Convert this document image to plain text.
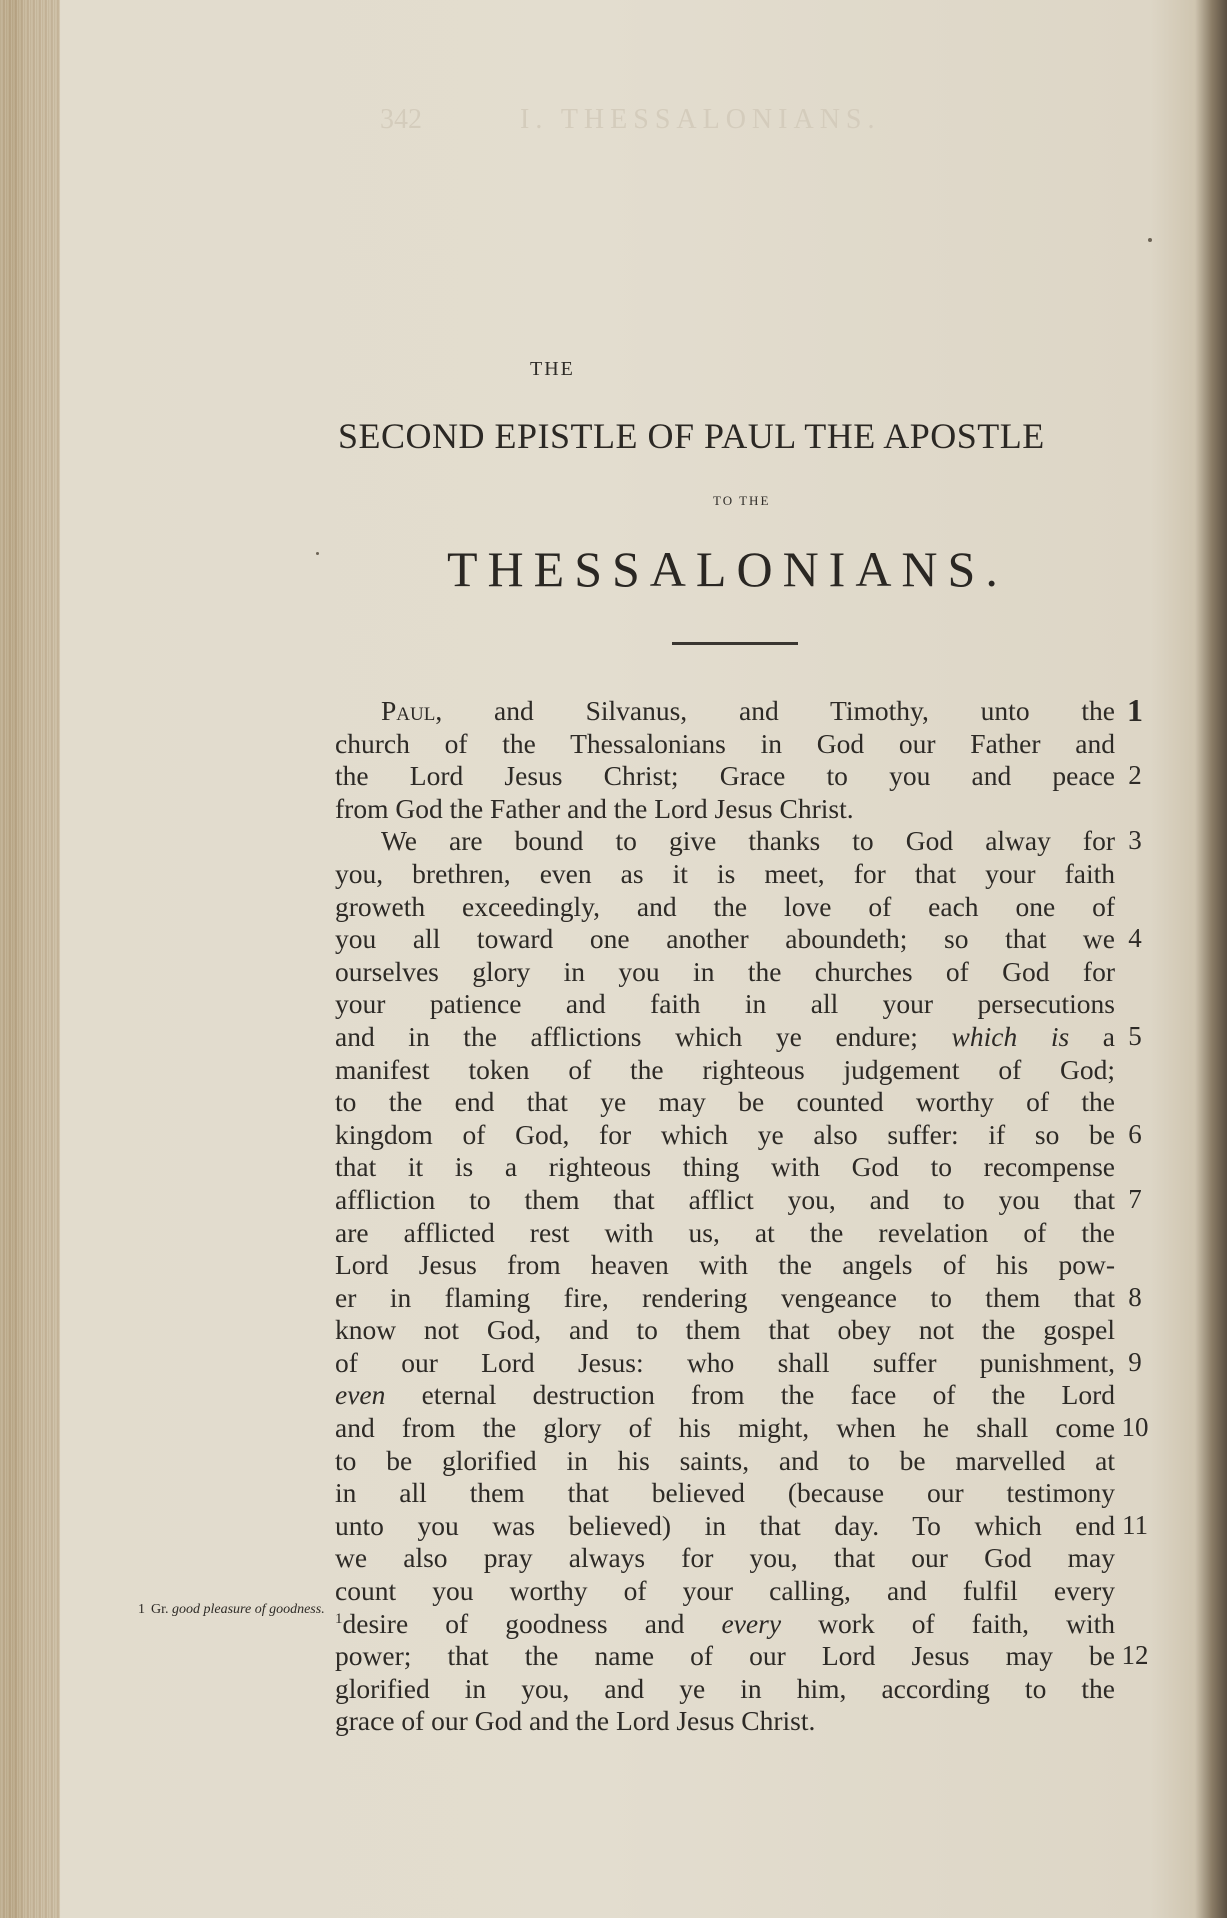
342	I. THESSALONIANS.
THE
SECOND EPISTLE OF PAUL THE APOSTLE
TO THE
THESSALONIANS.
Paul, and Silvanus, and Timothy, unto the
church of the Thessalonians in God our Father and
the Lord Jesus Christ; Grace to you and peace
from God the Father and the Lord Jesus Christ.
We are bound to give thanks to God alway for
you, brethren, even as it is meet, for that your faith
groweth exceedingly, and the love of each one of
you all toward one another aboundeth; so that we
ourselves glory in you in the churches of God for
your patience and faith in all your persecutions
and in the afflictions which ye endure; which is a
manifest token of the righteous judgement of God;
to the end that ye may be counted worthy of the
kingdom of God, for which ye also suffer: if so be
that it is a righteous thing with God to recompense
affliction to them that afflict you, and to you that
are afflicted rest with us, at the revelation of the
Lord Jesus from heaven with the angels of his pow-
er in flaming fire, rendering vengeance to them that
know not God, and to them that obey not the gospel
of our Lord Jesus: who shall suffer punishment,
even eternal destruction from the face of the Lord
and from the glory of his might, when he shall come
to be glorified in his saints, and to be marvelled at
in all them that believed (because our testimony
unto you was believed) in that day. To which end
we also pray always for you, that our God may
count you worthy of your calling, and fulfil every
$^1$desire of goodness and every work of faith, with
power; that the name of our Lord Jesus may be
glorified in you, and ye in him, according to the
grace of our God and the Lord Jesus Christ.
1 Gr. good pleasure of goodness.
1
2
3
4
5
6
7
8
9
10
11
12
